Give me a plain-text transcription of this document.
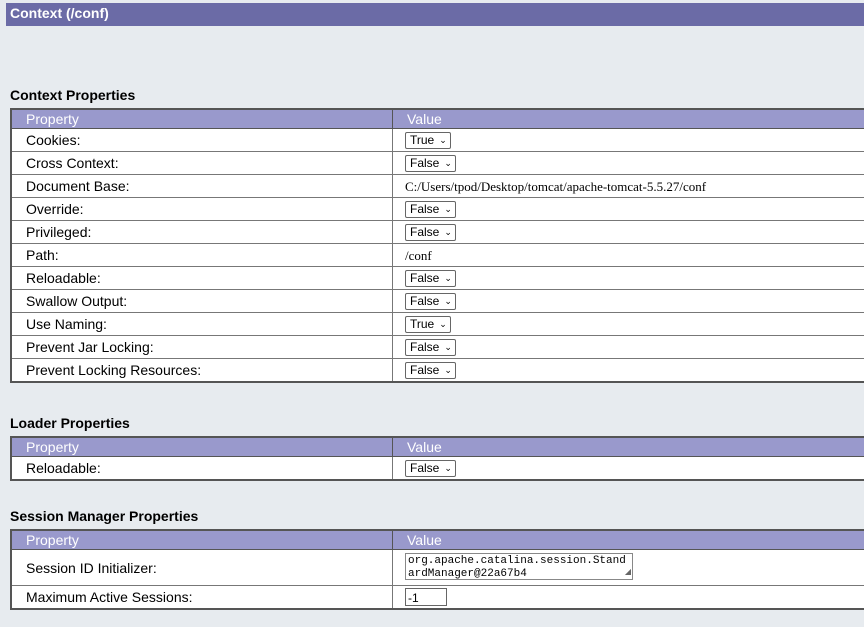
Context (/conf)
Context Properties
Property	Value
Cookies:	True ⌄

Cross Context:	False ⌄

Document Base:	C:/Users/tpod/Desktop/tomcat/apache-tomcat-5.5.27/conf
Override:	False ⌄

Privileged:	False ⌄

Path:	/conf
Reloadable:	False ⌄

Swallow Output:	False ⌄

Use Naming:	True ⌄

Prevent Jar Locking:	False ⌄

Prevent Locking Resources:	False ⌄
Loader Properties
Property	Value
Reloadable:	False ⌄
Session Manager Properties
Property	Value
Session ID Initializer:	org.apache.catalina.session.StandardManager@22a67b4 ◢

Maximum Active Sessions:	-1
